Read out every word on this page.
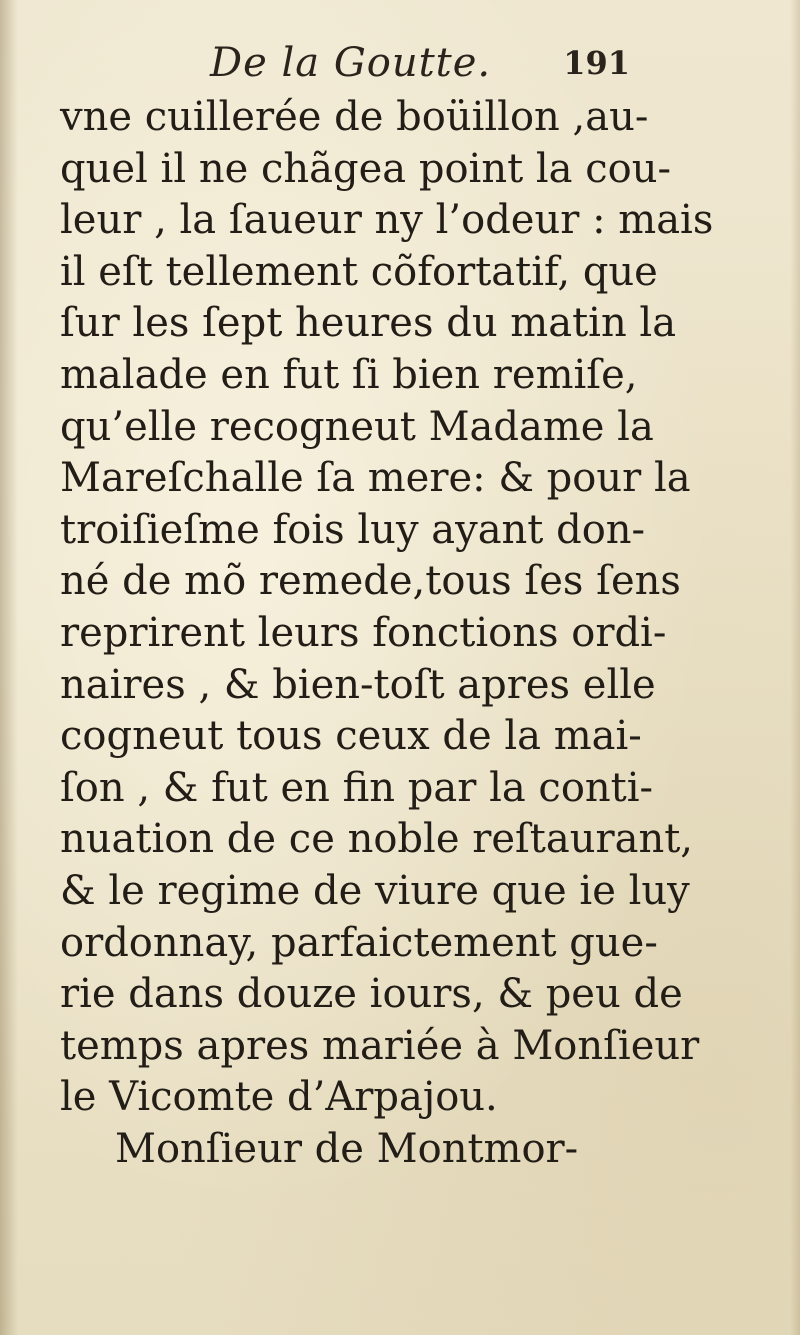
De la Goutte. 191
vne cuillerée de boüillon ,au-
quel il ne chãgea point la cou-
leur , la ſaueur ny l’odeur : mais
il eſt tellement cõfortatif, que
ſur les ſept heures du matin la
malade en fut ſi bien remiſe,
qu’elle recogneut Madame la
Mareſchalle ſa mere: & pour la
troiſieſme fois luy ayant don-
né de mõ remede,tous ſes ſens
reprirent leurs fonctions ordi-
naires , & bien-toſt apres elle
cogneut tous ceux de la mai-
ſon , & fut en fin par la conti-
nuation de ce noble reſtaurant,
& le regime de viure que ie luy
ordonnay, parfaictement gue-
rie dans douze iours, & peu de
temps apres mariée à Monſieur
le Vicomte d’Arpajou.
Monſieur de Montmor-
